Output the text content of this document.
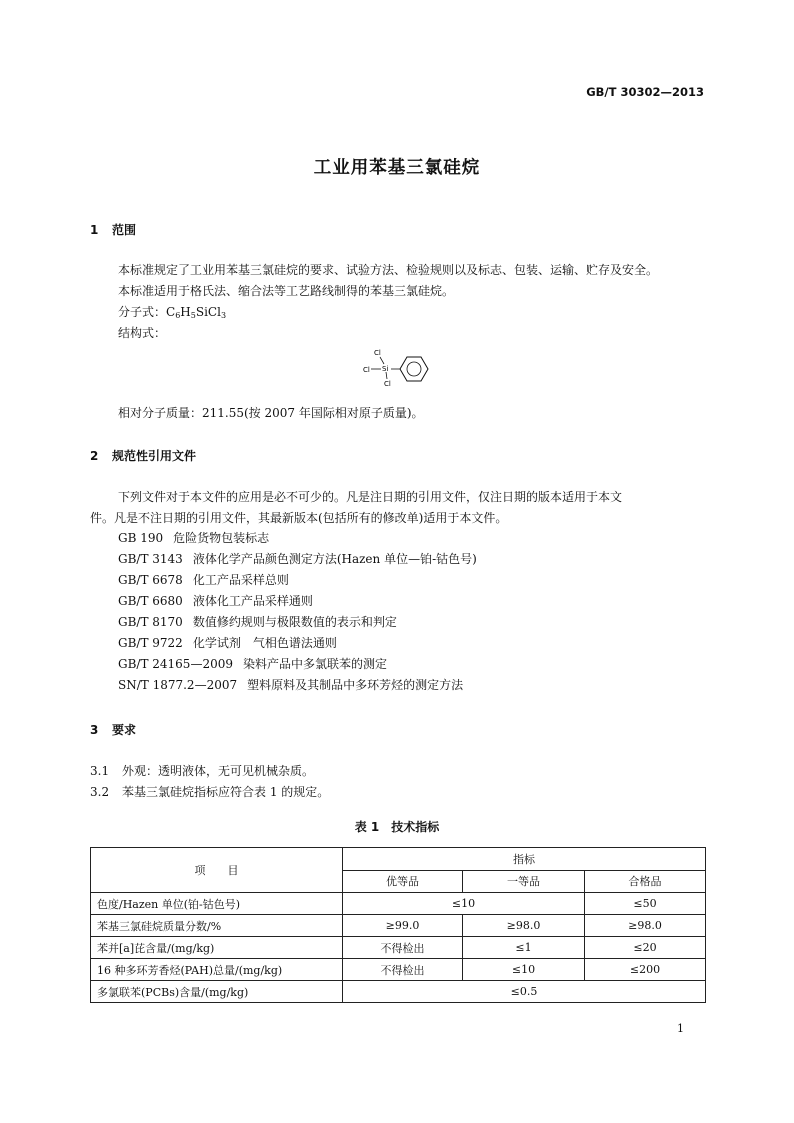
GB/T 30302—2013
工业用苯基三氯硅烷
1 范围
本标准规定了工业用苯基三氯硅烷的要求、试验方法、检验规则以及标志、包装、运输、贮存及安全。
本标准适用于格氏法、缩合法等工艺路线制得的苯基三氯硅烷。
分子式：$C_6H_5SiCl_3$
结构式：
Cl
Cl Si
Cl
相对分子质量：211.55(按 2007 年国际相对原子质量)。
2 规范性引用文件
下列文件对于本文件的应用是必不可少的。凡是注日期的引用文件，仅注日期的版本适用于本文
件。凡是不注日期的引用文件，其最新版本(包括所有的修改单)适用于本文件。
GB 190 危险货物包装标志
GB/T 3143 液体化学产品颜色测定方法(Hazen 单位—铂-钴色号)
GB/T 6678 化工产品采样总则
GB/T 6680 液体化工产品采样通则
GB/T 8170 数值修约规则与极限数值的表示和判定
GB/T 9722 化学试剂　气相色谱法通则
GB/T 24165—2009 染料产品中多氯联苯的测定
SN/T 1877.2—2007 塑料原料及其制品中多环芳烃的测定方法
3 要求
3.1 外观：透明液体，无可见机械杂质。
3.2 苯基三氯硅烷指标应符合表 1 的规定。
表 1　技术指标
项　　目	指标		
	优等品	一等品	合格品
色度/Hazen 单位(铂-钴色号)	≤10		≤50
苯基三氯硅烷质量分数/%	≥99.0	≥98.0	≥98.0
苯并[a]芘含量/(mg/kg)	不得检出	≤1	≤20
16 种多环芳香烃(PAH)总量/(mg/kg)	不得检出	≤10	≤200
多氯联苯(PCBs)含量/(mg/kg)	≤0.5		
1
